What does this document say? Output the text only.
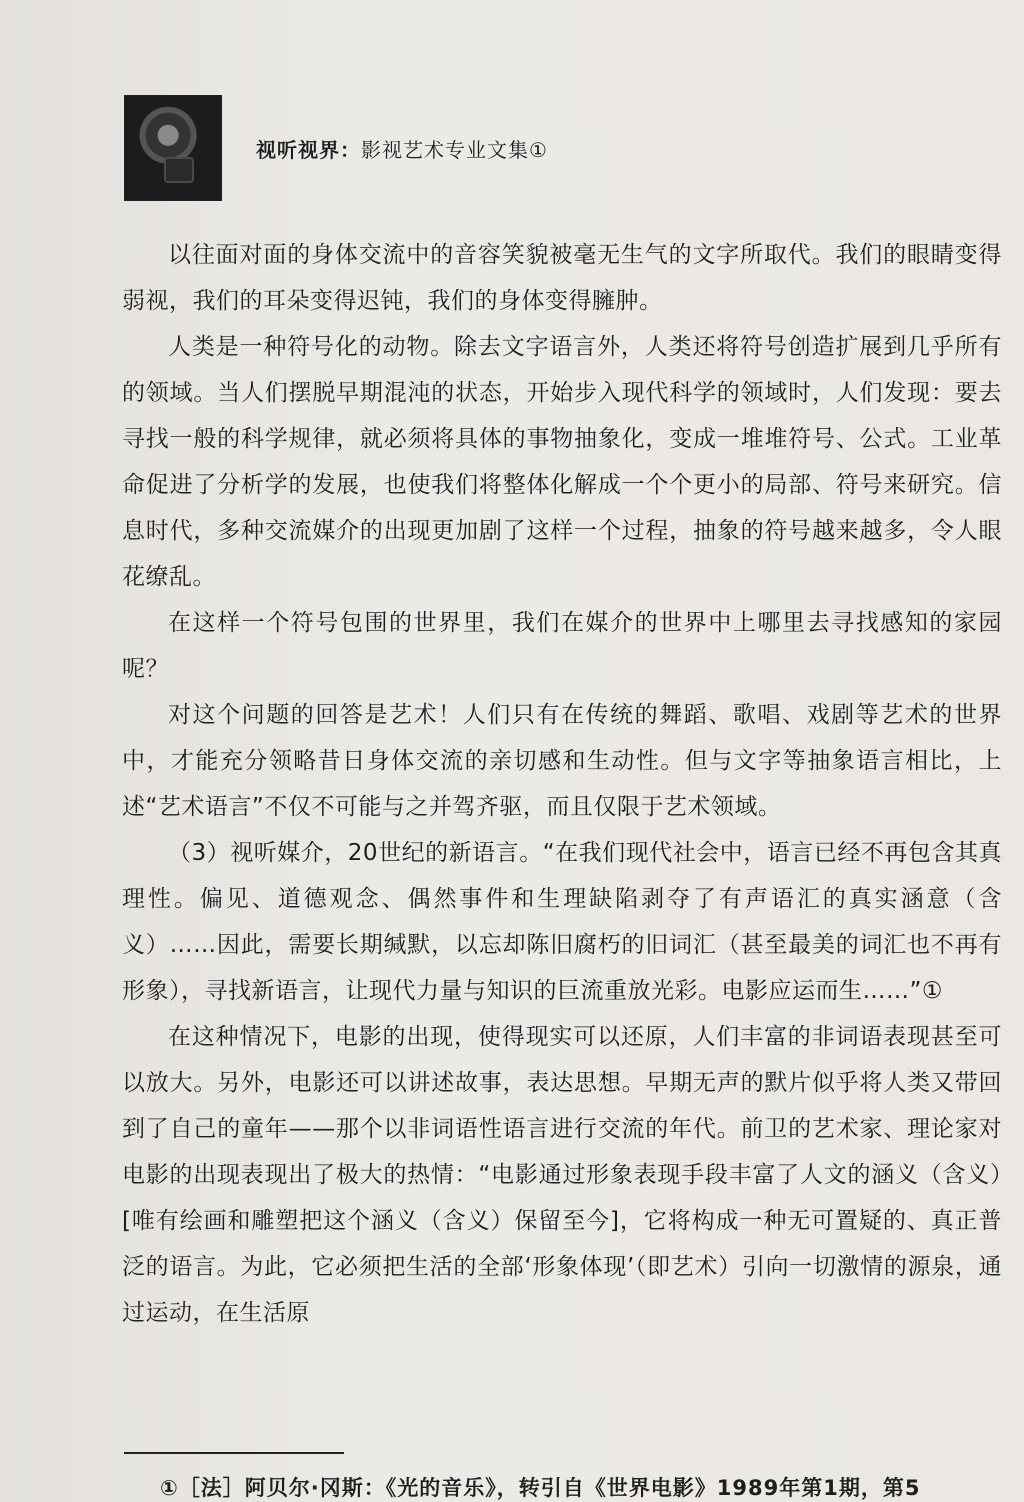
视听视界：影视艺术专业文集①

以往面对面的身体交流中的音容笑貌被毫无生气的文字所取代。我们的眼睛变得弱视，我们的耳朵变得迟钝，我们的身体变得臃肿。

人类是一种符号化的动物。除去文字语言外，人类还将符号创造扩展到几乎所有的领域。当人们摆脱早期混沌的状态，开始步入现代科学的领域时，人们发现：要去寻找一般的科学规律，就必须将具体的事物抽象化，变成一堆堆符号、公式。工业革命促进了分析学的发展，也使我们将整体化解成一个个更小的局部、符号来研究。信息时代，多种交流媒介的出现更加剧了这样一个过程，抽象的符号越来越多，令人眼花缭乱。

在这样一个符号包围的世界里，我们在媒介的世界中上哪里去寻找感知的家园呢？

对这个问题的回答是艺术！人们只有在传统的舞蹈、歌唱、戏剧等艺术的世界中，才能充分领略昔日身体交流的亲切感和生动性。但与文字等抽象语言相比，上述“艺术语言”不仅不可能与之并驾齐驱，而且仅限于艺术领域。

（3）视听媒介，20世纪的新语言。“在我们现代社会中，语言已经不再包含其真理性。偏见、道德观念、偶然事件和生理缺陷剥夺了有声语汇的真实涵意（含义）……因此，需要长期缄默，以忘却陈旧腐朽的旧词汇（甚至最美的词汇也不再有形象），寻找新语言，让现代力量与知识的巨流重放光彩。电影应运而生……”①

在这种情况下，电影的出现，使得现实可以还原，人们丰富的非词语表现甚至可以放大。另外，电影还可以讲述故事，表达思想。早期无声的默片似乎将人类又带回到了自己的童年——那个以非词语性语言进行交流的年代。前卫的艺术家、理论家对电影的出现表现出了极大的热情：“电影通过形象表现手段丰富了人文的涵义（含义）[唯有绘画和雕塑把这个涵义（含义）保留至今]，它将构成一种无可置疑的、真正普泛的语言。为此，它必须把生活的全部‘形象体现’（即艺术）引向一切激情的源泉，通过运动，在生活原

①［法］阿贝尔·冈斯：《光的音乐》，转引自《世界电影》1989年第1期，第5
